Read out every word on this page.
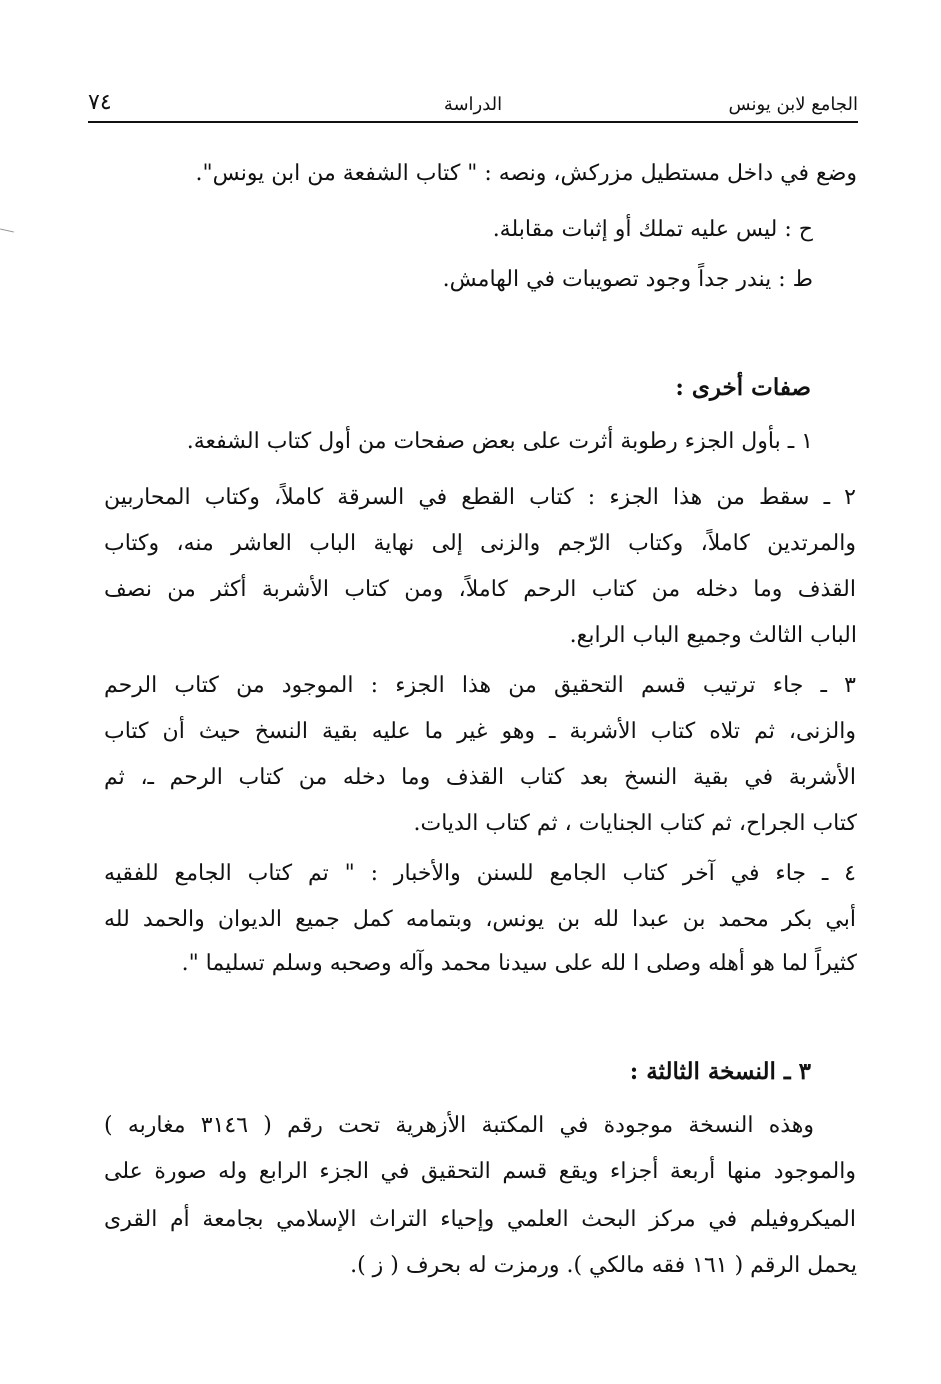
الجامع لابن يونس
الدراسة
٧٤
وضع في داخل مستطيل مزركش، ونصه : " كتاب الشفعة من ابن يونس".
ح : ليس عليه تملك أو إثبات مقابلة.
ط : يندر جداً وجود تصويبات في الهامش.
صفات أخرى :
١ ـ بأول الجزء رطوبة أثرت على بعض صفحات من أول كتاب الشفعة.
٢ ـ سقط من هذا الجزء : كتاب القطع في السرقة كاملاً، وكتاب المحاربين
والمرتدين كاملاً، وكتاب الرّجم والزنى إلى نهاية الباب العاشر منه، وكتاب
القذف وما دخله من كتاب الرحم كاملاً، ومن كتاب الأشربة أكثر من نصف
الباب الثالث وجميع الباب الرابع.
٣ ـ جاء ترتيب قسم التحقيق من هذا الجزء : الموجود من كتاب الرحم
والزنى، ثم تلاه كتاب الأشربة ـ وهو غير ما عليه بقية النسخ حيث أن كتاب
الأشربة في بقية النسخ بعد كتاب القذف وما دخله من كتاب الرحم ـ، ثم
كتاب الجراح، ثم كتاب الجنايات ، ثم كتاب الديات.
٤ ـ جاء في آخر كتاب الجامع للسنن والأخبار : " تم كتاب الجامع للفقيه
أبي بكر محمد بن عبدا لله بن يونس، وبتمامه كمل جميع الديوان والحمد لله
كثيراً لما هو أهله وصلى ا لله على سيدنا محمد وآله وصحبه وسلم تسليما ".
٣ ـ النسخة الثالثة :
وهذه النسخة موجودة في المكتبة الأزهرية تحت رقم ( ٣١٤٦ مغاربه )
والموجود منها أربعة أجزاء ويقع قسم التحقيق في الجزء الرابع وله صورة على
الميكروفيلم في مركز البحث العلمي وإحياء التراث الإسلامي بجامعة أم القرى
يحمل الرقم ( ١٦١ فقه مالكي ). ورمزت له بحرف ( ز ).
